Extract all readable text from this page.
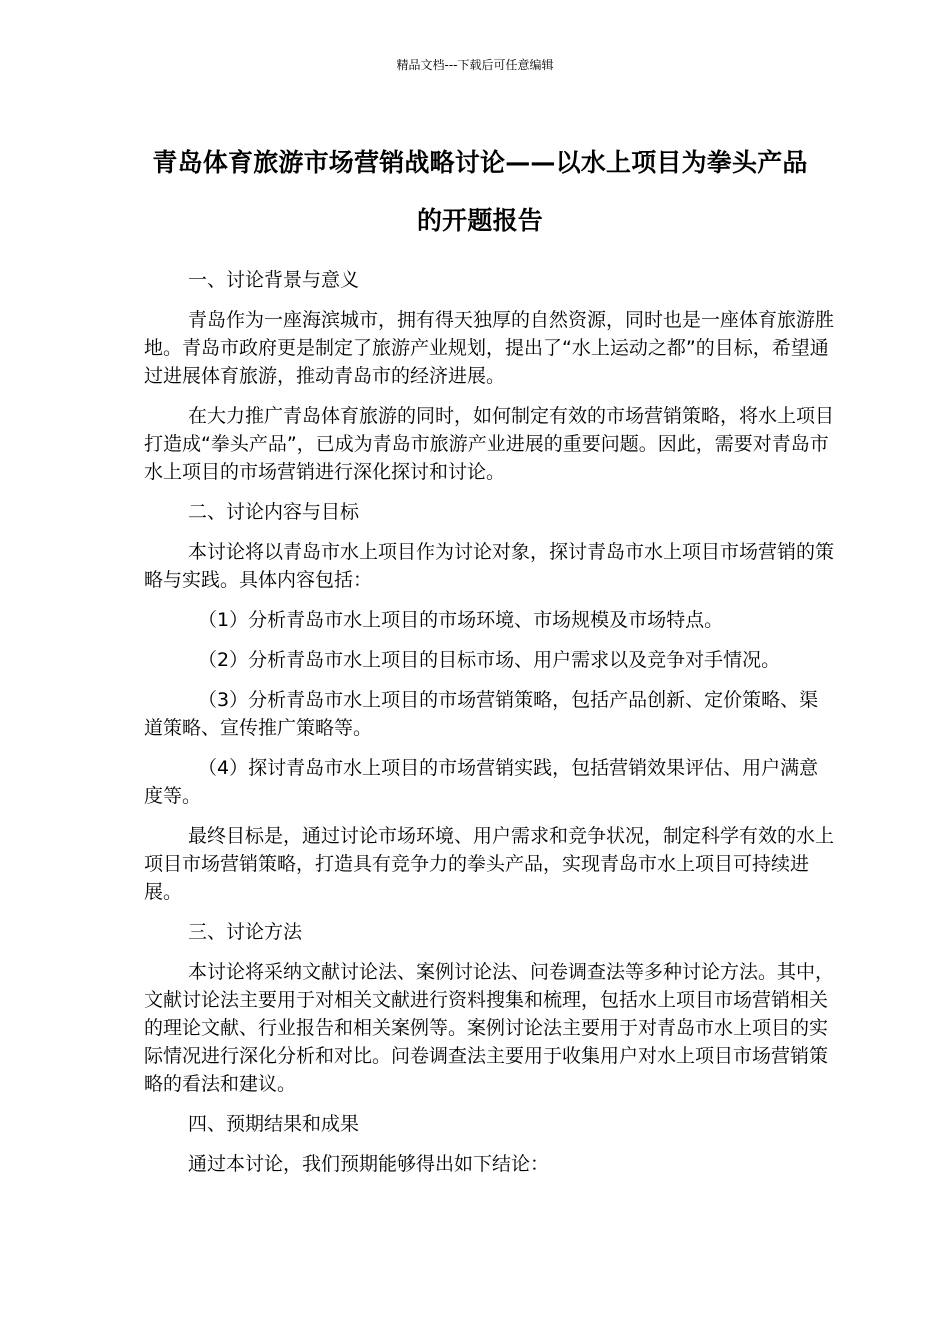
精品文档---下载后可任意编辑
青岛体育旅游市场营销战略讨论——以水上项目为拳头产品的开题报告
一、讨论背景与意义

青岛作为一座海滨城市，拥有得天独厚的自然资源，同时也是一座体育旅游胜地。青岛市政府更是制定了旅游产业规划，提出了“水上运动之都”的目标，希望通过进展体育旅游，推动青岛市的经济进展。

在大力推广青岛体育旅游的同时，如何制定有效的市场营销策略，将水上项目打造成“拳头产品”，已成为青岛市旅游产业进展的重要问题。因此，需要对青岛市水上项目的市场营销进行深化探讨和讨论。

二、讨论内容与目标

本讨论将以青岛市水上项目作为讨论对象，探讨青岛市水上项目市场营销的策略与实践。具体内容包括：

（1）分析青岛市水上项目的市场环境、市场规模及市场特点。

（2）分析青岛市水上项目的目标市场、用户需求以及竞争对手情况。

（3）分析青岛市水上项目的市场营销策略，包括产品创新、定价策略、渠道策略、宣传推广策略等。

（4）探讨青岛市水上项目的市场营销实践，包括营销效果评估、用户满意度等。

最终目标是，通过讨论市场环境、用户需求和竞争状况，制定科学有效的水上项目市场营销策略，打造具有竞争力的拳头产品，实现青岛市水上项目可持续进展。

三、讨论方法

本讨论将采纳文献讨论法、案例讨论法、问卷调查法等多种讨论方法。其中，文献讨论法主要用于对相关文献进行资料搜集和梳理，包括水上项目市场营销相关的理论文献、行业报告和相关案例等。案例讨论法主要用于对青岛市水上项目的实际情况进行深化分析和对比。问卷调查法主要用于收集用户对水上项目市场营销策略的看法和建议。

四、预期结果和成果

通过本讨论，我们预期能够得出如下结论：
